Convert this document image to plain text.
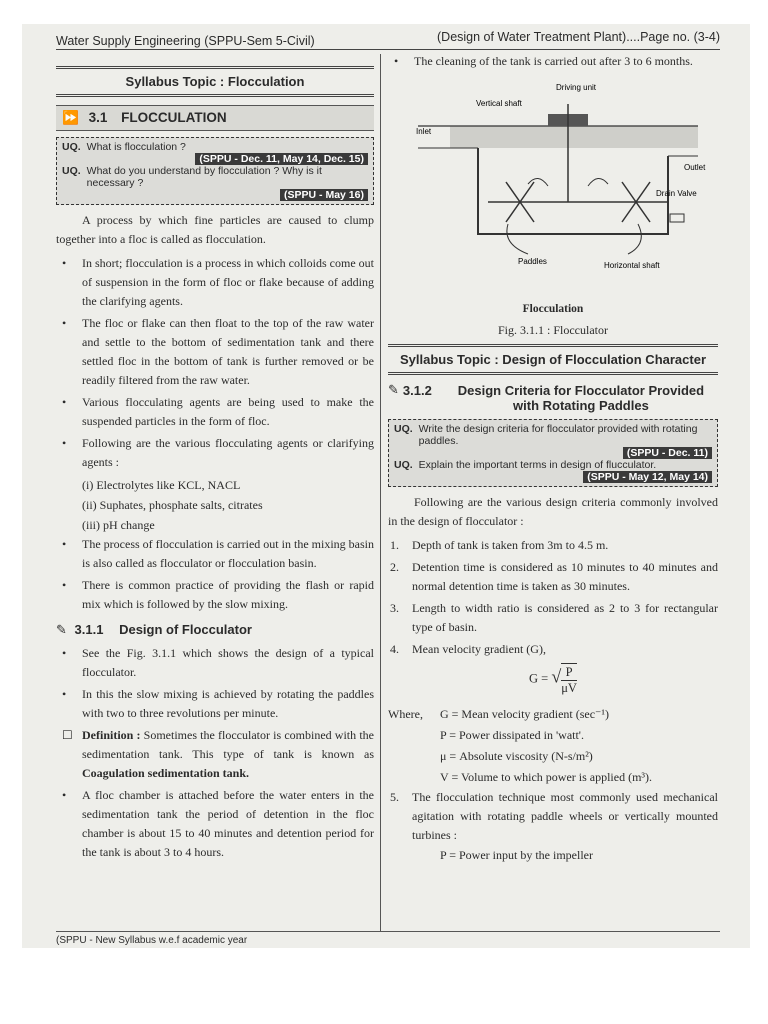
Water Supply Engineering (SPPU-Sem 5-Civil)	(Design of Water Treatment Plant)....Page no. (3-4)
Syllabus Topic : Flocculation
⏩ 3.1 FLOCCULATION
UQ. What is flocculation ?
(SPPU - Dec. 11, May 14, Dec. 15)
UQ. What do you understand by flocculation ? Why is it necessary ?
(SPPU - May 16)

A process by which fine particles are caused to clump together into a floc is called as flocculation.

• In short; flocculation is a process in which colloids come out of suspension in the form of floc or flake because of adding the clarifying agents.
• The floc or flake can then float to the top of the raw water and settle to the bottom of sedimentation tank and there settled floc in the bottom of tank is further removed or be readily filtered from the raw water.
• Various flocculating agents are being used to make the suspended particles in the form of floc.
• Following are the various flocculating agents or clarifying agents :
(i) Electrolytes like KCL, NACL
(ii) Suphates, phosphate salts, citrates
(iii) pH change
• The process of flocculation is carried out in the mixing basin is also called as flocculator or flocculation basin.
• There is common practice of providing the flash or rapid mix which is followed by the slow mixing.
✎ 3.1.1 Design of Flocculator
• See the Fig. 3.1.1 which shows the design of a typical flocculator.
• In this the slow mixing is achieved by rotating the paddles with two to three revolutions per minute.
☐ Definition : Sometimes the flocculator is combined with the sedimentation tank. This type of tank is known as Coagulation sedimentation tank.
• A floc chamber is attached before the water enters in the sedimentation tank the period of detention in the floc chamber is about 15 to 40 minutes and detention period for the tank is about 3 to 4 hours.
• The cleaning of the tank is carried out after 3 to 6 months.
Driving unit
Vertical shaft
Inlet
Outlet
Drain Valve
Paddles	Horizontal shaft
Flocculation
Fig. 3.1.1 : Flocculator
Syllabus Topic : Design of Flocculation Character
✎ 3.1.2	Design Criteria for Flocculator Provided with Rotating Paddles
UQ. Write the design criteria for flocculator provided with rotating paddles.
(SPPU - Dec. 11)
UQ. Explain the important terms in design of flucculator.
(SPPU - May 12, May 14)

Following are the various design criteria commonly involved in the design of flocculator :

1. Depth of tank is taken from 3m to 4.5 m.
2. Detention time is considered as 10 minutes to 40 minutes and normal detention time is taken as 30 minutes.
3. Length to width ratio is considered as 2 to 3 for rectangular type of basin.
4. Mean velocity gradient (G),
G = √ $\frac{P}{\mu V}$
Where,	G = Mean velocity gradient (sec⁻¹)
P = Power dissipated in 'watt'.
μ = Absolute viscosity (N-s/m²)
V = Volume to which power is applied (m³).
5. The flocculation technique most commonly used mechanical agitation with rotating paddle wheels or vertically mounted turbines :
P = Power input by the impeller
(SPPU - New Syllabus w.e.f academic year
